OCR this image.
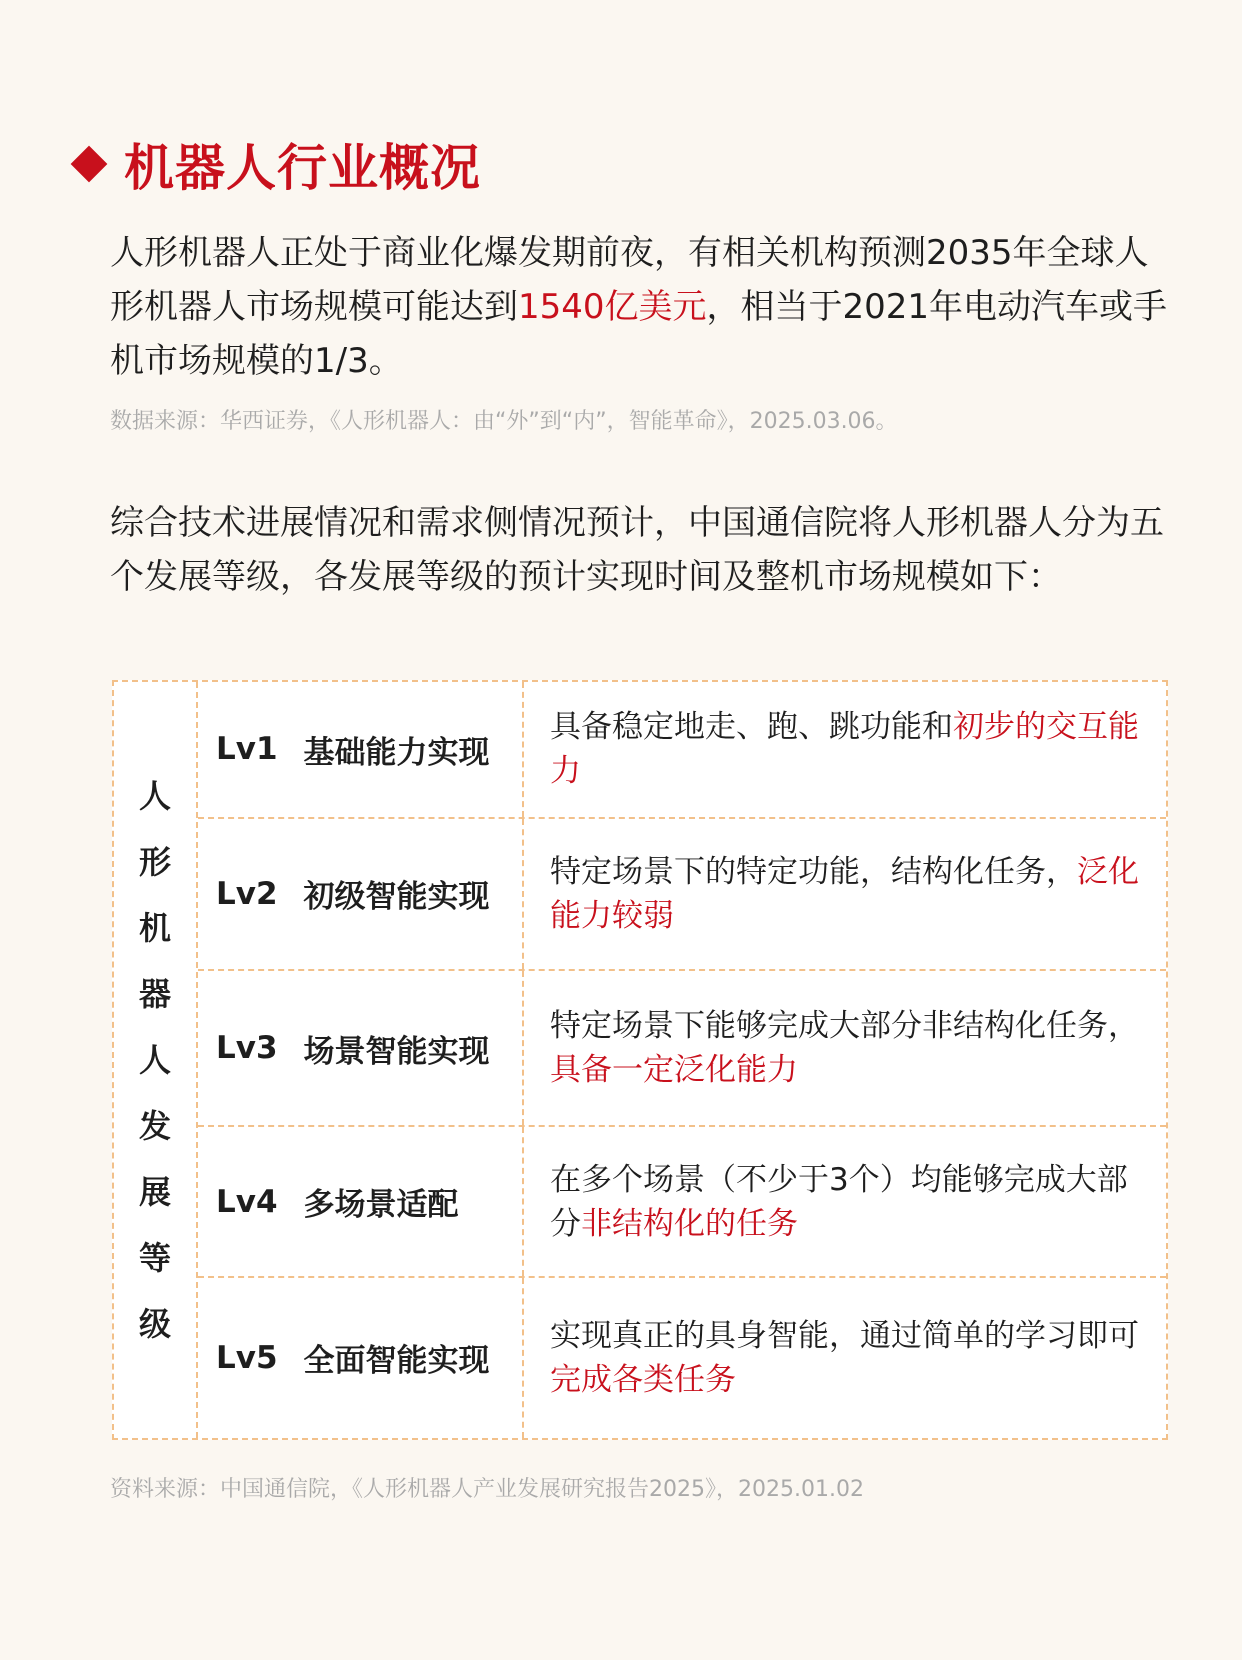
机器人行业概况
人形机器人正处于商业化爆发期前夜，有相关机构预测2035年全球人形机器人市场规模可能达到1540亿美元，相当于2021年电动汽车或手机市场规模的1/3。
数据来源：华西证券，《人形机器人：由“外”到“内”，智能革命》，2025.03.06。
综合技术进展情况和需求侧情况预计，中国通信院将人形机器人分为五个发展等级，各发展等级的预计实现时间及整机市场规模如下：
人
形
机
器
人
发
展
等
级
Lv1 基础能力实现
具备稳定地走、跑、跳功能和初步的交互能力
Lv2 初级智能实现
特定场景下的特定功能，结构化任务，泛化能力较弱
Lv3 场景智能实现
特定场景下能够完成大部分非结构化任务，具备一定泛化能力
Lv4 多场景适配
在多个场景（不少于3个）均能够完成大部分非结构化的任务
Lv5 全面智能实现
实现真正的具身智能，通过简单的学习即可完成各类任务
资料来源：中国通信院，《人形机器人产业发展研究报告2025》，2025.01.02
